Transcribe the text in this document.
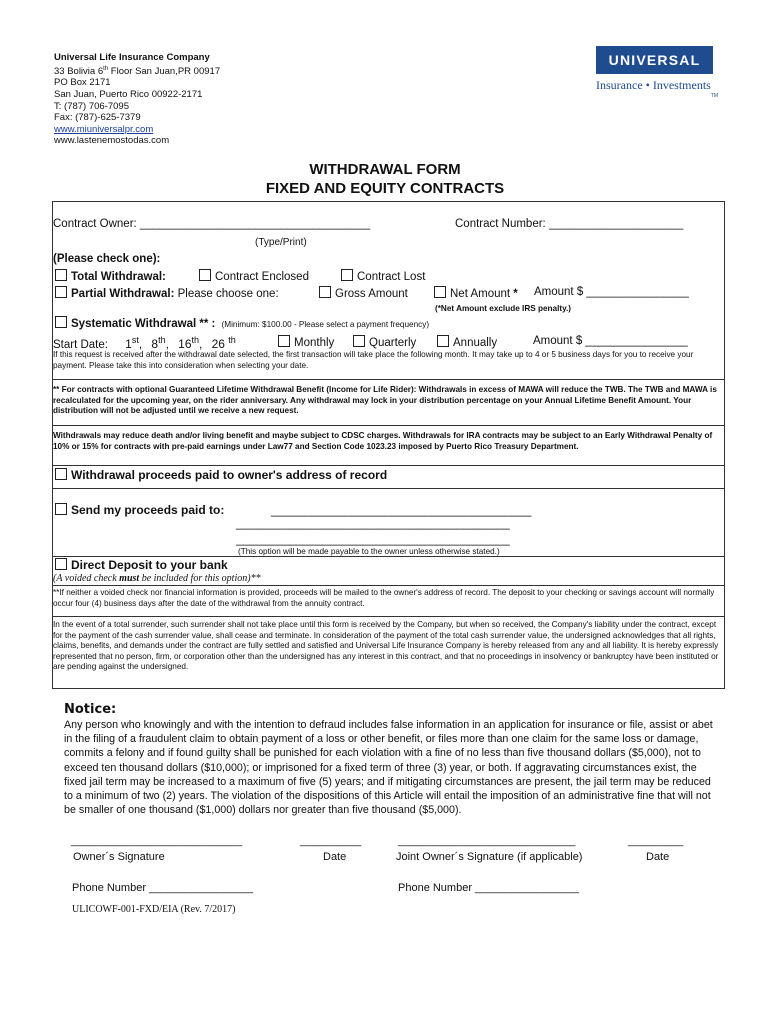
Universal Life Insurance Company
33 Bolivia 6th Floor San Juan,PR 00917
PO Box 2171
San Juan, Puerto Rico 00922-2171
T: (787) 706-7095
Fax: (787)-625-7379
www.miuniversalpr.com
www.lastenemostodas.com
UNIVERSAL
Insurance • Investments
TM
WITHDRAWAL FORM
FIXED AND EQUITY CONTRACTS
Contract Owner: ____________________________________	Contract Number: _____________________
(Type/Print)
(Please check one):
Total Withdrawal:	Contract Enclosed	Contract Lost
Partial Withdrawal: Please choose one:	Gross Amount	Net Amount * Amount $ ________________
(*Net Amount exclude IRS penalty.)
Systematic Withdrawal ** : (Minimum: $100.00 - Please select a payment frequency)
Start Date: 1st, 8th, 16th, 26 $^{th}$	Monthly	Quarterly	Annually	Amount $ ________________
If this request is received after the withdrawal date selected, the first transaction will take place the following month. It may take up to 4 or 5 business days for you to receive your payment. Please take this into consideration when selecting your date.
** For contracts with optional Guaranteed Lifetime Withdrawal Benefit (Income for Life Rider): Withdrawals in excess of MAWA will reduce the TWB. The TWB and MAWA is recalculated for the upcoming year, on the rider anniversary. Any withdrawal may lock in your distribution percentage on your Annual Lifetime Benefit Amount. Your distribution will not be adjusted until we receive a new request.
Withdrawals may reduce death and/or living benefit and maybe subject to CDSC charges. Withdrawals for IRA contracts may be subject to an Early Withdrawal Penalty of 10% or 15% for contracts with pre-paid earnings under Law77 and Section Code 1023.23 imposed by Puerto Rico Treasury Department.
Withdrawal proceeds paid to owner's address of record
Send my proceeds paid to:	_______________________________________
_________________________________________
_________________________________________
(This option will be made payable to the owner unless otherwise stated.)
Direct Deposit to your bank
(A voided check must be included for this option)**
**If neither a voided check nor financial information is provided, proceeds will be mailed to the owner's address of record. The deposit to your checking or savings account will normally occur four (4) business days after the date of the withdrawal from the annuity contract.
In the event of a total surrender, such surrender shall not take place until this form is received by the Company, but when so received, the Company's liability under the contract, except for the payment of the cash surrender value, shall cease and terminate. In consideration of the payment of the total cash surrender value, the undersigned acknowledges that all rights, claims, benefits, and demands under the contract are fully settled and satisfied and Universal Life Insurance Company is hereby released from any and all liability. It is hereby expressly represented that no person, firm, or corporation other than the undersigned has any interest in this contract, and that no proceedings in insolvency or bankruptcy have been instituted or are pending against the undersigned.
Notice:
Any person who knowingly and with the intention to defraud includes false information in an application for insurance or file, assist or abet in the filing of a fraudulent claim to obtain payment of a loss or other benefit, or files more than one claim for the same loss or damage, commits a felony and if found guilty shall be punished for each violation with a fine of no less than five thousand dollars ($5,000), not to exceed ten thousand dollars ($10,000); or imprisoned for a fixed term of three (3) year, or both. If aggravating circumstances exist, the fixed jail term may be increased to a maximum of five (5) years; and if mitigating circumstances are present, the jail term may be reduced to a minimum of two (2) years. The violation of the dispositions of this Article will entail the imposition of an administrative fine that will not be smaller of one thousand ($1,000) dollars nor greater than five thousand ($5,000).
____________________________	__________	_____________________________	_________
Owner´s Signature	Date	Joint Owner´s Signature (if applicable)	Date
Phone Number _________________	Phone Number _________________
ULICOWF-001-FXD/EIA (Rev. 7/2017)
